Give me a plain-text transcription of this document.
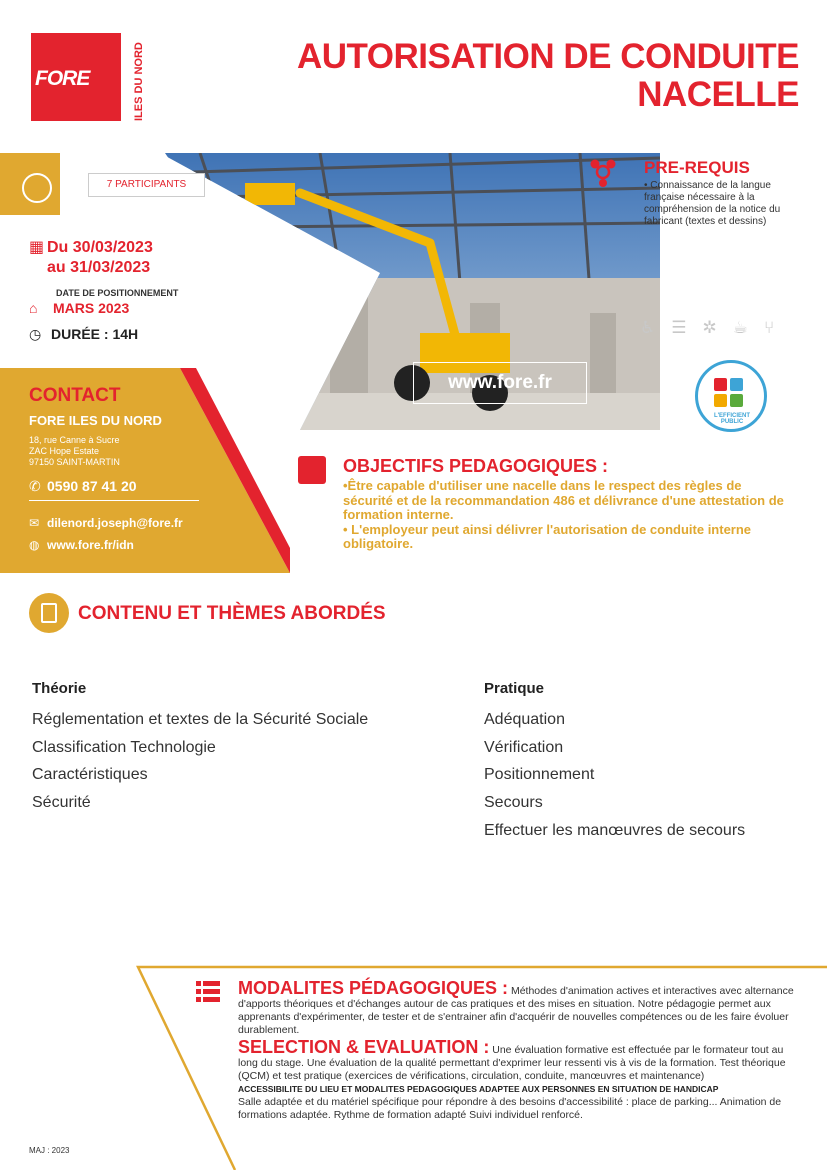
FORE	ILES DU NORD	AUTORISATION DE CONDUITE
NACELLE
7 PARTICIPANTS
▦ Du 30/03/2023
au 31/03/2023
DATE DE POSITIONNEMENT
⌂ MARS 2023
◷ DURÉE : 14H
CONTACT
FORE ILES DU NORD
18, rue Canne à Sucre
ZAC Hope Estate
97150 SAINT-MARTIN
✆ 0590 87 41 20
✉ dilenord.joseph@fore.fr
◍ www.fore.fr/idn
PRE-REQUIS
• Connaissance de la langue française nécessaire à la compréhension de la notice du fabricant (textes et dessins)
♿☰✲☕⑂
L'EFFICIENT PUBLIC
www.fore.fr
OBJECTIFS PEDAGOGIQUES :
•Être capable d'utiliser une nacelle dans le respect des règles de sécurité et de la recommandation 486 et délivrance d'une attestation de formation interne.
• L'employeur peut ainsi délivrer l'autorisation de conduite interne obligatoire.
CONTENU ET THÈMES ABORDÉS
Théorie
Réglementation et textes de la Sécurité Sociale
Classification Technologie
Caractéristiques
Sécurité
Pratique
Adéquation
Vérification
Positionnement
Secours
Effectuer les manœuvres de secours
MODALITES PÉDAGOGIQUES : Méthodes d'animation actives et interactives avec alternance d'apports théoriques et d'échanges autour de cas pratiques et des mises en situation. Notre pédagogie permet aux apprenants d'expérimenter, de tester et de s'entrainer afin d'acquérir de nouvelles compétences ou de les faire évoluer durablement.
SELECTION & EVALUATION : Une évaluation formative est effectuée par le formateur tout au long du stage. Une évaluation de la qualité permettant d'exprimer leur ressenti vis à vis de la formation. Test théorique (QCM) et test pratique (exercices de vérifications, circulation, conduite, manœuvres et maintenance)
ACCESSIBILITE DU LIEU ET MODALITES PEDAGOGIQUES ADAPTEE AUX PERSONNES EN SITUATION DE HANDICAP
Salle adaptée et du matériel spécifique pour répondre à des besoins d'accessibilité : place de parking... Animation de formations adaptée. Rythme de formation adapté Suivi individuel renforcé.
MAJ : 2023
